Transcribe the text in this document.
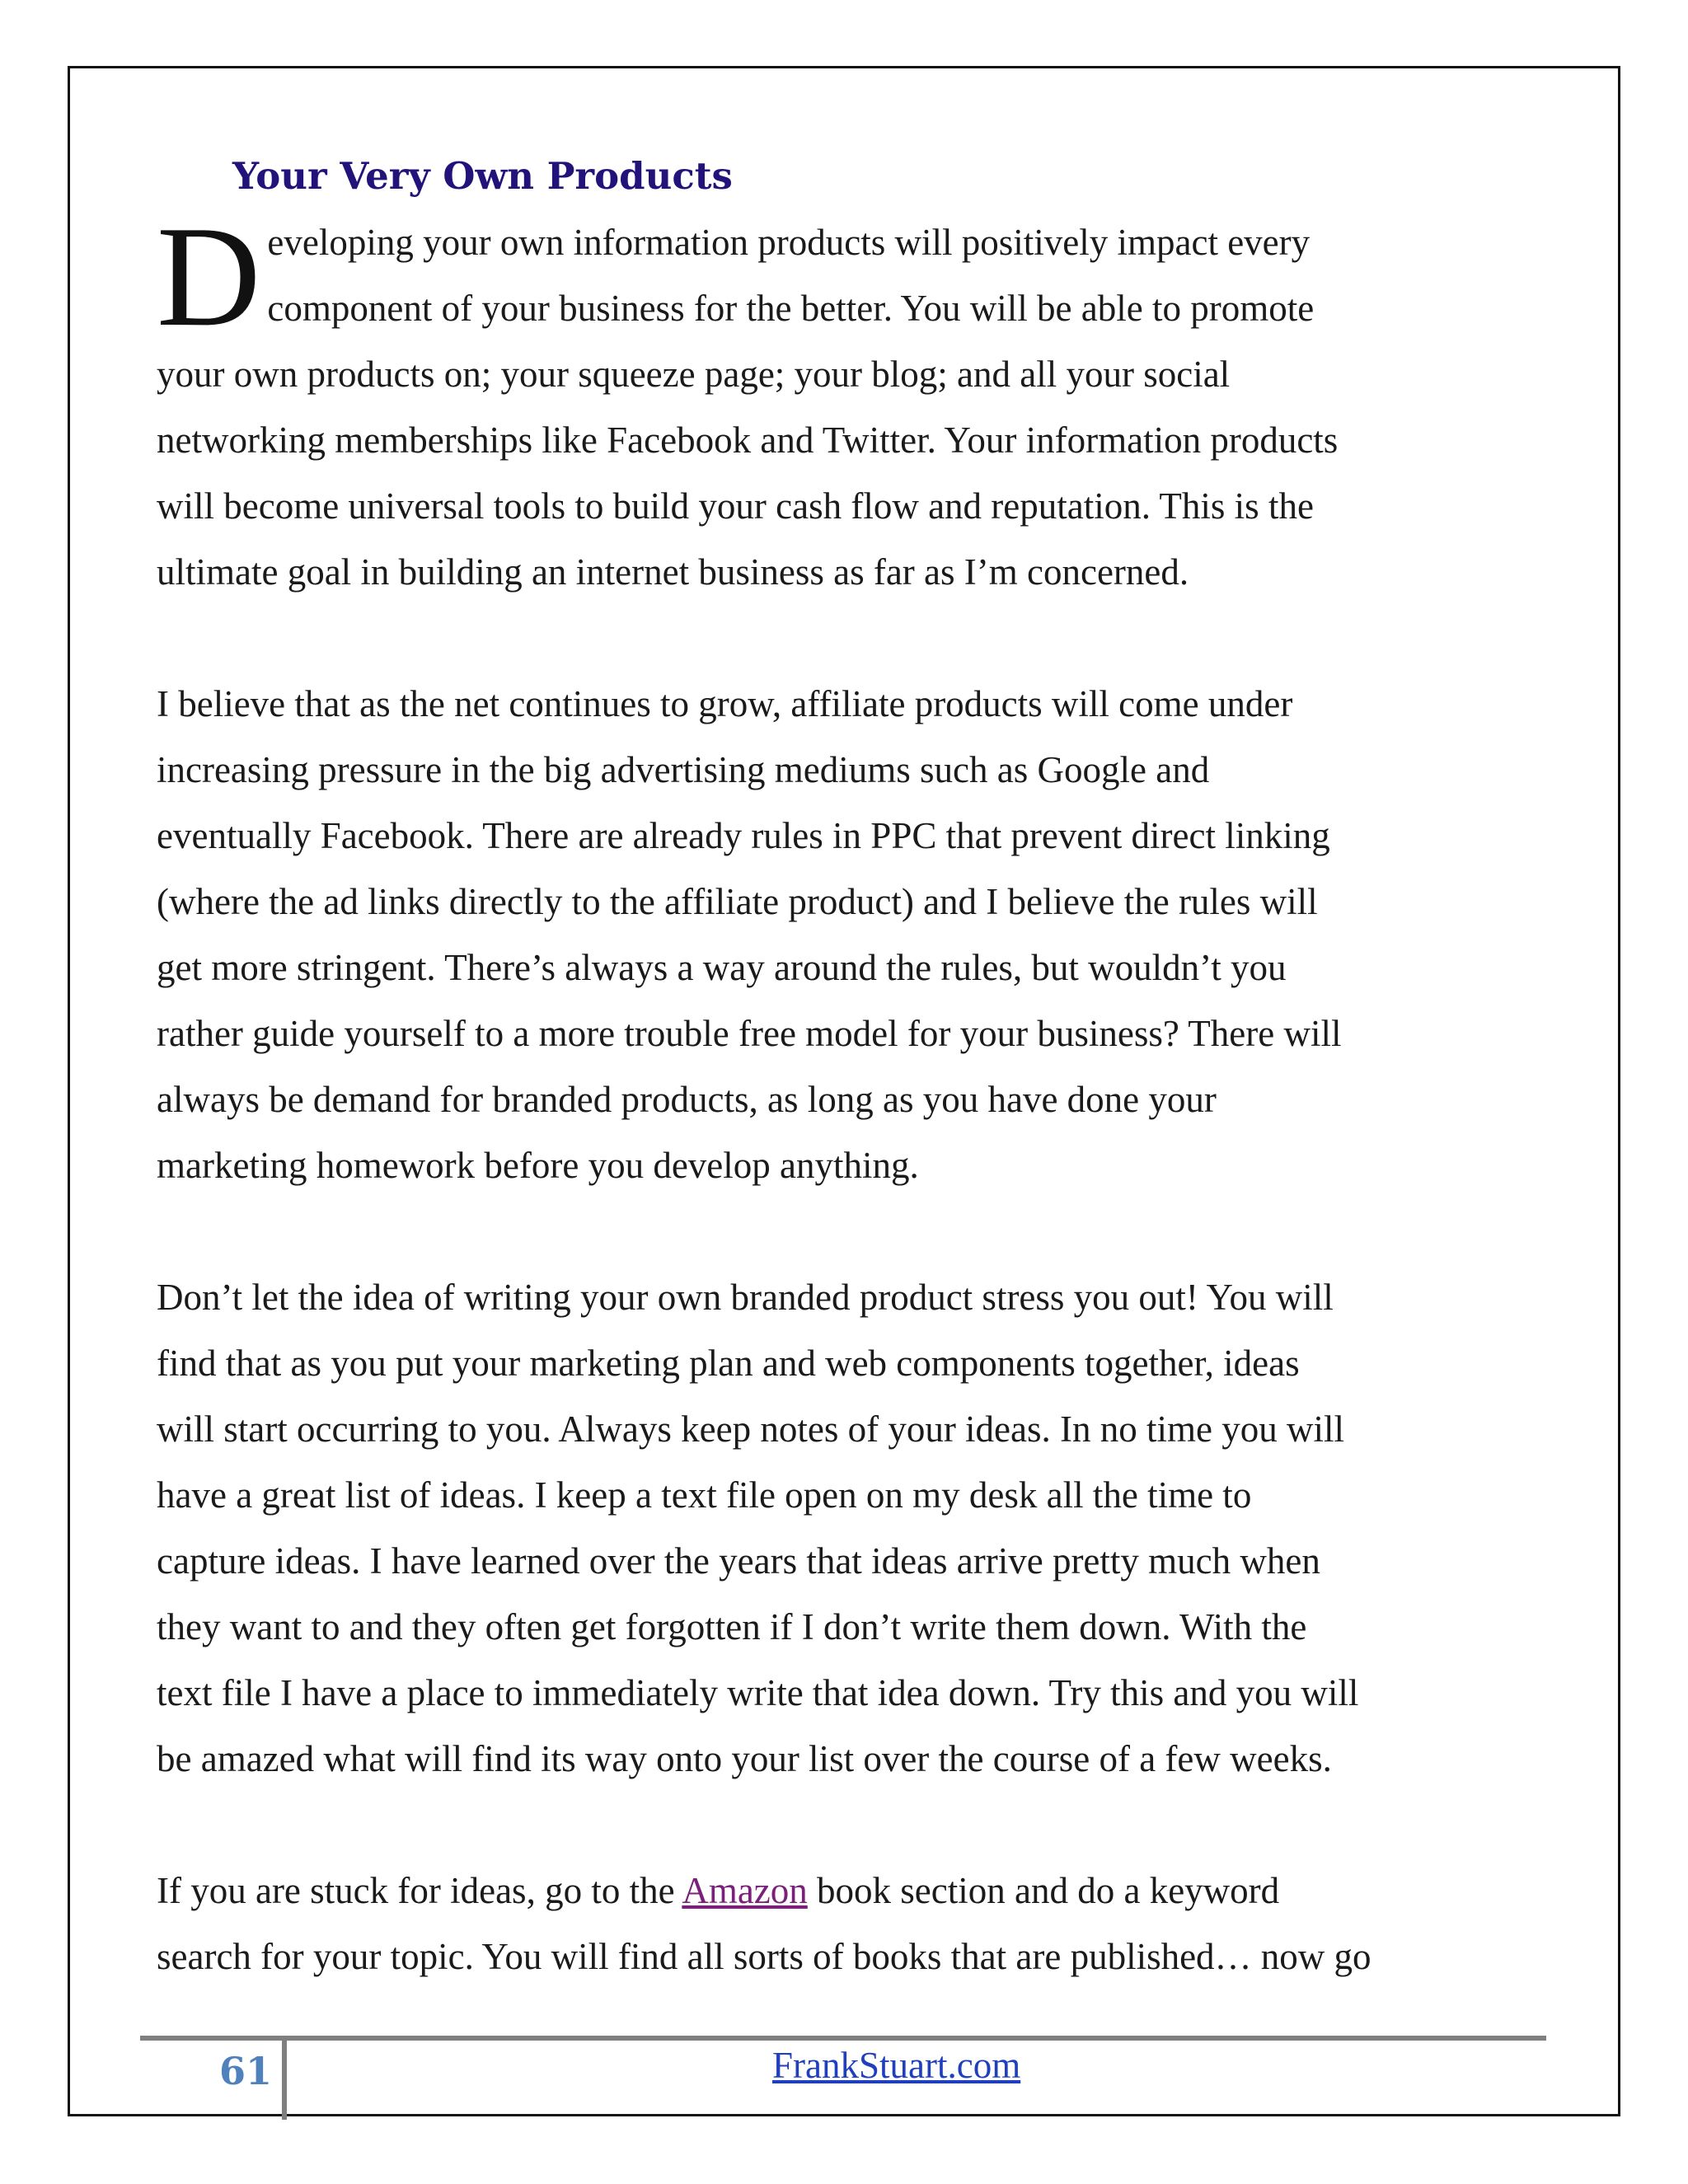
Your Very Own Products

D eveloping your own information products will positively impact every
component of your business for the better. You will be able to promote
your own products on; your squeeze page; your blog; and all your social
networking memberships like Facebook and Twitter. Your information products
will become universal tools to build your cash flow and reputation. This is the
ultimate goal in building an internet business as far as I’m concerned.

I believe that as the net continues to grow, affiliate products will come under
increasing pressure in the big advertising mediums such as Google and
eventually Facebook. There are already rules in PPC that prevent direct linking
(where the ad links directly to the affiliate product) and I believe the rules will
get more stringent. There’s always a way around the rules, but wouldn’t you
rather guide yourself to a more trouble free model for your business? There will
always be demand for branded products, as long as you have done your
marketing homework before you develop anything.

Don’t let the idea of writing your own branded product stress you out! You will
find that as you put your marketing plan and web components together, ideas
will start occurring to you. Always keep notes of your ideas. In no time you will
have a great list of ideas. I keep a text file open on my desk all the time to
capture ideas. I have learned over the years that ideas arrive pretty much when
they want to and they often get forgotten if I don’t write them down. With the
text file I have a place to immediately write that idea down. Try this and you will
be amazed what will find its way onto your list over the course of a few weeks.

If you are stuck for ideas, go to the Amazon book section and do a keyword
search for your topic. You will find all sorts of books that are published… now go

61	FrankStuart.com
